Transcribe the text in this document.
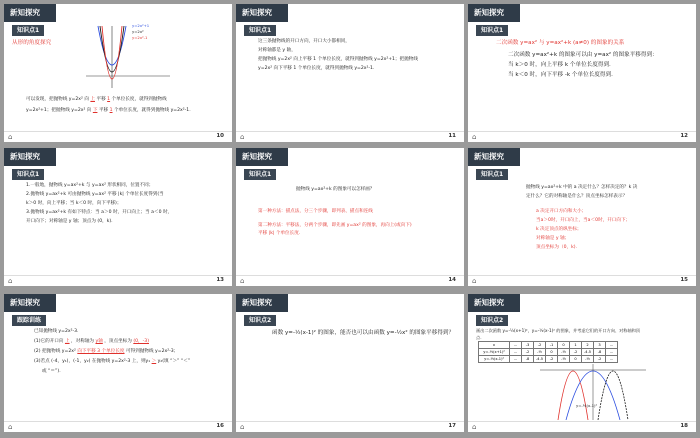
新知探究
知识点1
从形的角度探究
y=2x²+1
y=2x²
y=2x²-1
可以发现，把抛物线 y=2x² 向 上 平移 1 个单位长度，就得到抛物线
y=2x²+1；把抛物线 y=2x² 向 下 平移 1 个单位长度，就得到抛物线 y=2x²-1.
⌂	10
新知探究
知识点1
这三条抛物线的开口方向，开口大小都相同，
对称轴都是 y 轴，
把抛物线 y=2x² 向上平移 1 个单位长度，就得到抛物线 y=2x²+1；把抛物线
y=2x² 向下平移 1 个单位长度，就得到抛物线 y=2x²-1.
⌂	11
新知探究
知识点1
二次函数 y=ax² 与 y=ax²+k (a≠0) 的图象的关系
二次函数 y=ax²+k 的图象可以由 y=ax² 的图象平移得到：
当 k＞0 时，向上平移 k 个单位长度得到.
当 k＜0 时，向下平移 -k 个单位长度得到.
⌂	12
新知探究
知识点1
1.一般地，抛物线 y=ax²+k 与 y=ax² 形状相同，位置不同；
2.抛物线 y=ax²+k 可由抛物线 y=ax² 平移 |k| 个单位长度得到(当
k＞0 时，向上平移；当 k＜0 时，向下平移)；
3.抛物线 y=ax²+k 有如下特点：当 a＞0 时，开口向上；当 a＜0 时，
开口向下；对称轴是 y 轴；顶点为 (0，k).
⌂	13
新知探究
知识点1
抛物线 y=ax²+k 的图象可以怎样画？
第一种方法：描点法，分三个步骤，即列表、描点和连线
第二种方法：平移法，分两个步骤，即先画 y=ax² 的图象，再向上(或向下)
平移 |k| 个单位长度.
⌂	14
新知探究
知识点1
抛物线 y=ax²+k 中的 a 决定什么？怎样决定的？k 决
定什么？它的对称轴是什么？顶点坐标怎样表示？
a 决定开口方向和大小；
当a＞0时，开口向上，当a＜0时，开口向下；
k 决定顶点的纵坐标；
对称轴是 y 轴；
顶点坐标为（0，k).
⌂	15
新知探究
跟踪训练
已知抛物线 y=2x²-3.
(1)它的开口向 上 ，对称轴为 y轴 ，顶点坐标为 (0，-3)
(2) 把抛物线 y=2x² 向下平移 3 个单位长度 可得到抛物线 y=2x²-3；
(3)若点 (-4，y₁)，(-1，y₂) 在抛物线 y=2x²-3 上，则y₁ ＞ y₂(填 “＞” “＜”
或 “＝”).
⌂	16
新知探究
知识点2
函数 y=-½(x-1)² 的图象，能否也可以由函数 y=-½x² 的图象平移得到？
⌂	17
新知探究
知识点2
画出二次函数 y=-½(x+1)²，y=-½(x-1)² 的图象，并考虑它们的开口方向、对称轴和顶
点.
x	...	-3	-2	-1	0	1	2	3	...
y=-½(x+1)²	...	-2	-½	0	-½	-2	-4.5	-8	...
y=-½(x-1)²	...	-8	-4.5	-2	-½	0	-½	-2	...
y=-½(x-1)²
⌂	18
